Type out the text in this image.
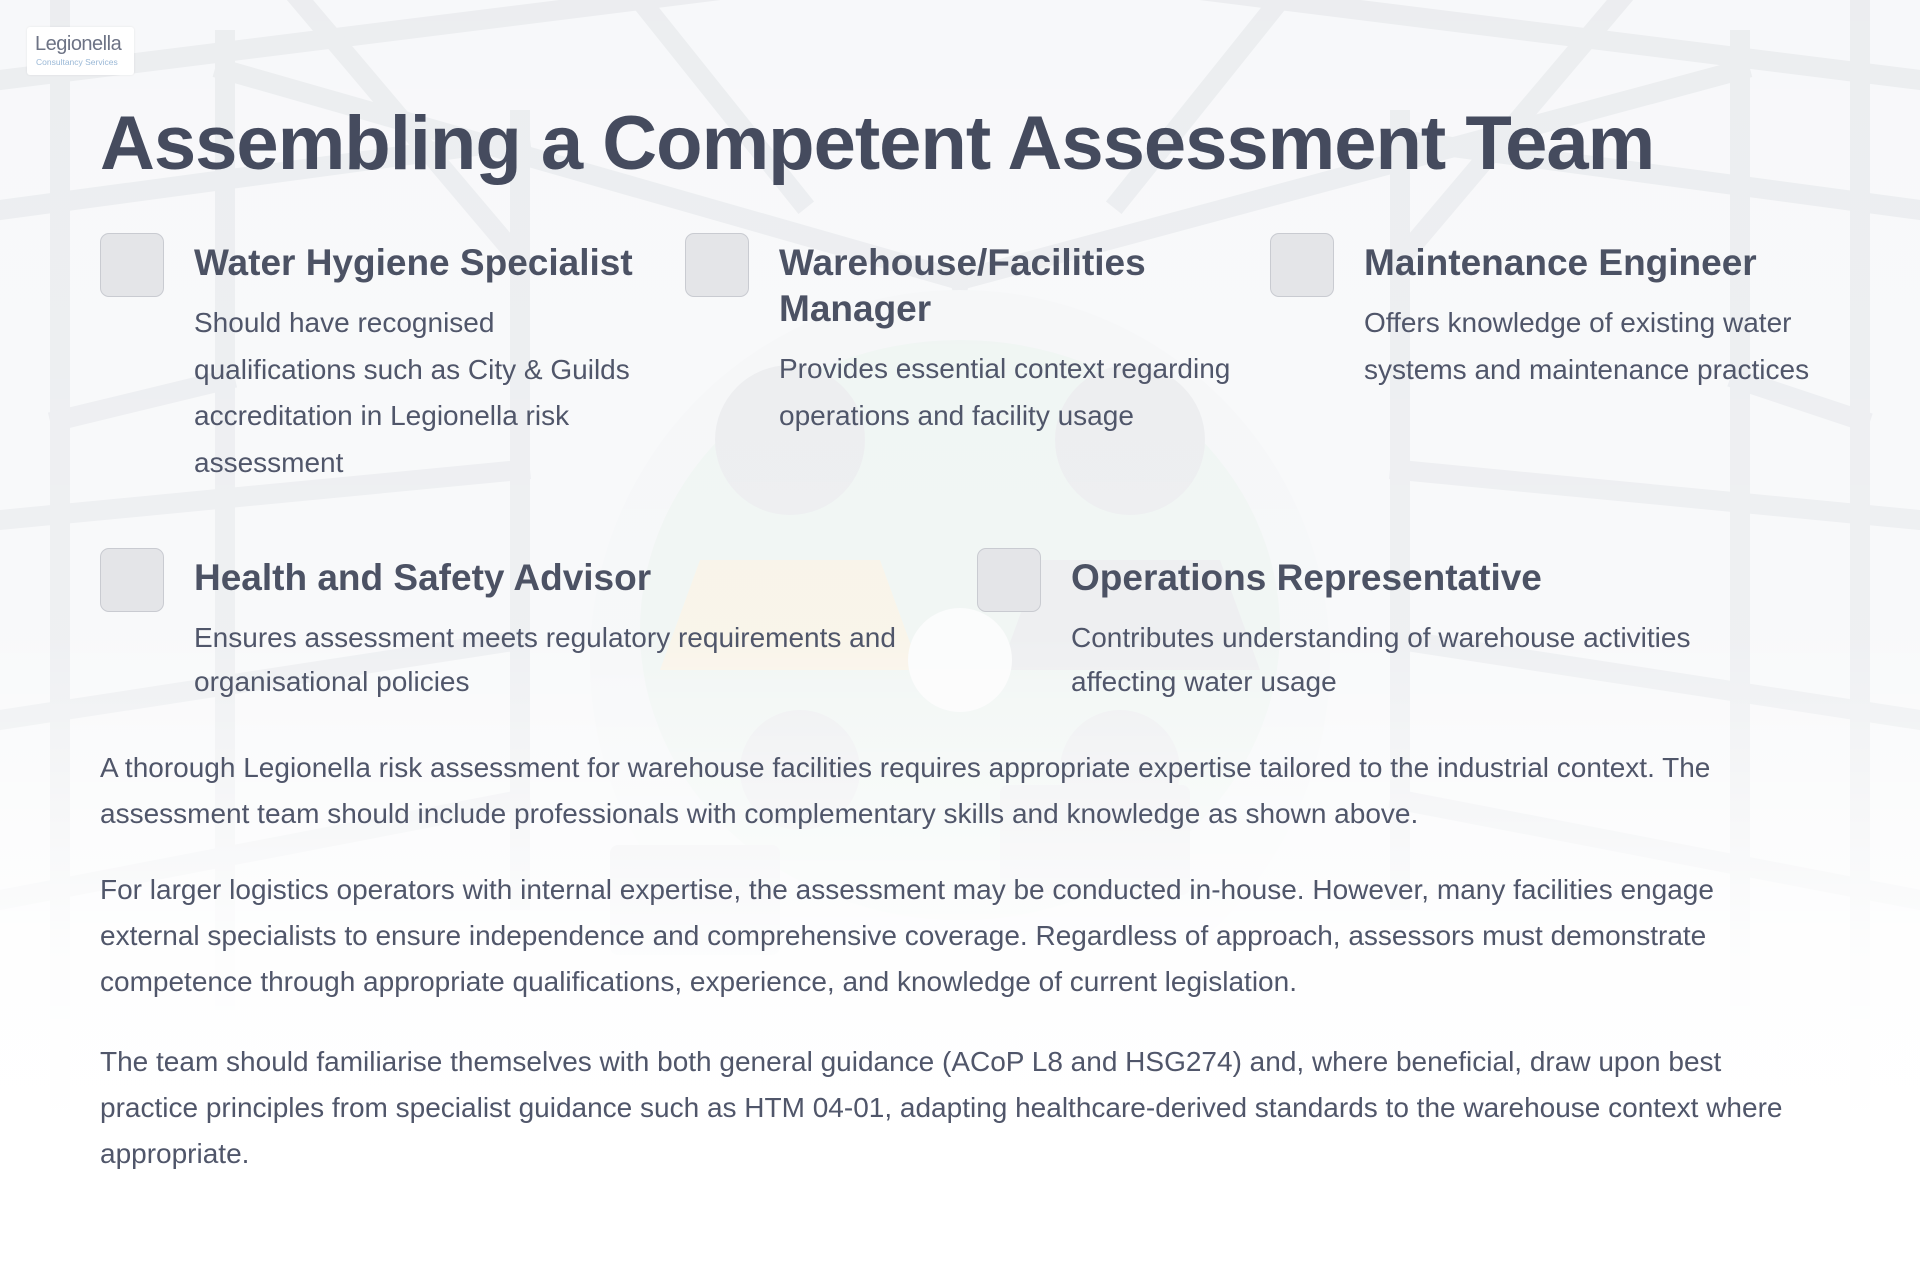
Legionella
Consultancy Services
Assembling a Competent Assessment Team
Water Hygiene Specialist

Should have recognised qualifications such as City & Guilds accreditation in Legionella risk assessment

Warehouse/Facilities Manager

Provides essential context regarding operations and facility usage

Maintenance Engineer

Offers knowledge of existing water systems and maintenance practices

Health and Safety Advisor

Ensures assessment meets regulatory requirements and organisational policies

Operations Representative

Contributes understanding of warehouse activities affecting water usage

A thorough Legionella risk assessment for warehouse facilities requires appropriate expertise tailored to the industrial context. The assessment team should include professionals with complementary skills and knowledge as shown above.

For larger logistics operators with internal expertise, the assessment may be conducted in-house. However, many facilities engage external specialists to ensure independence and comprehensive coverage. Regardless of approach, assessors must demonstrate competence through appropriate qualifications, experience, and knowledge of current legislation.

The team should familiarise themselves with both general guidance (ACoP L8 and HSG274) and, where beneficial, draw upon best practice principles from specialist guidance such as HTM 04-01, adapting healthcare-derived standards to the warehouse context where appropriate.
